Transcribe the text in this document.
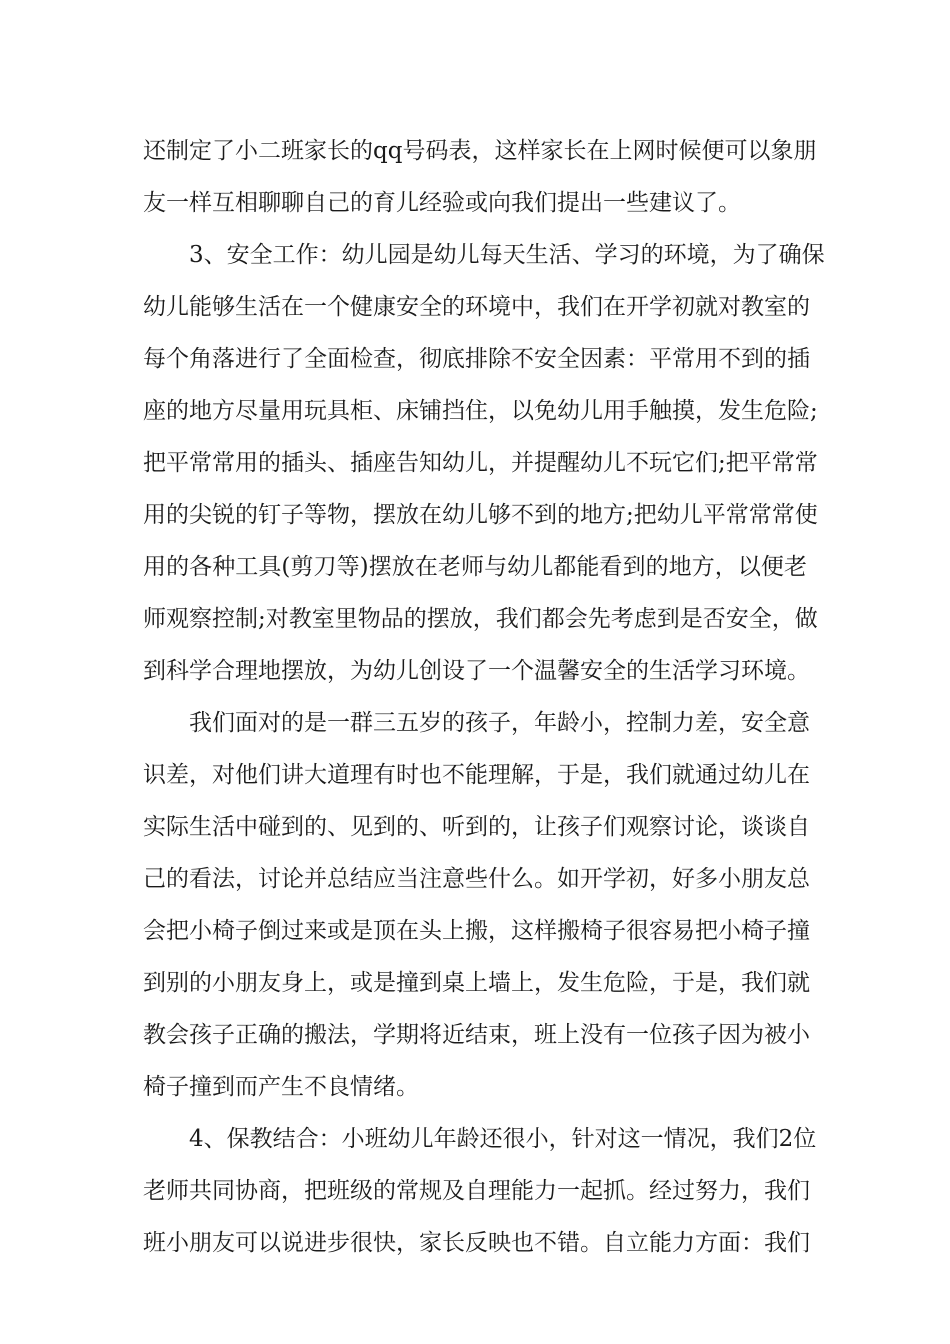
还制定了小二班家长的qq号码表，这样家长在上网时候便可以象朋
友一样互相聊聊自己的育儿经验或向我们提出一些建议了。
3、安全工作：幼儿园是幼儿每天生活、学习的环境，为了确保
幼儿能够生活在一个健康安全的环境中，我们在开学初就对教室的
每个角落进行了全面检查，彻底排除不安全因素：平常用不到的插
座的地方尽量用玩具柜、床铺挡住，以免幼儿用手触摸，发生危险;
把平常常用的插头、插座告知幼儿，并提醒幼儿不玩它们;把平常常
用的尖锐的钉子等物，摆放在幼儿够不到的地方;把幼儿平常常常使
用的各种工具(剪刀等)摆放在老师与幼儿都能看到的地方，以便老
师观察控制;对教室里物品的摆放，我们都会先考虑到是否安全，做
到科学合理地摆放，为幼儿创设了一个温馨安全的生活学习环境。
我们面对的是一群三五岁的孩子，年龄小，控制力差，安全意
识差，对他们讲大道理有时也不能理解，于是，我们就通过幼儿在
实际生活中碰到的、见到的、听到的，让孩子们观察讨论，谈谈自
己的看法，讨论并总结应当注意些什么。如开学初，好多小朋友总
会把小椅子倒过来或是顶在头上搬，这样搬椅子很容易把小椅子撞
到别的小朋友身上，或是撞到桌上墙上，发生危险，于是，我们就
教会孩子正确的搬法，学期将近结束，班上没有一位孩子因为被小
椅子撞到而产生不良情绪。
4、保教结合：小班幼儿年龄还很小，针对这一情况，我们2位
老师共同协商，把班级的常规及自理能力一起抓。经过努力，我们
班小朋友可以说进步很快，家长反映也不错。自立能力方面：我们
